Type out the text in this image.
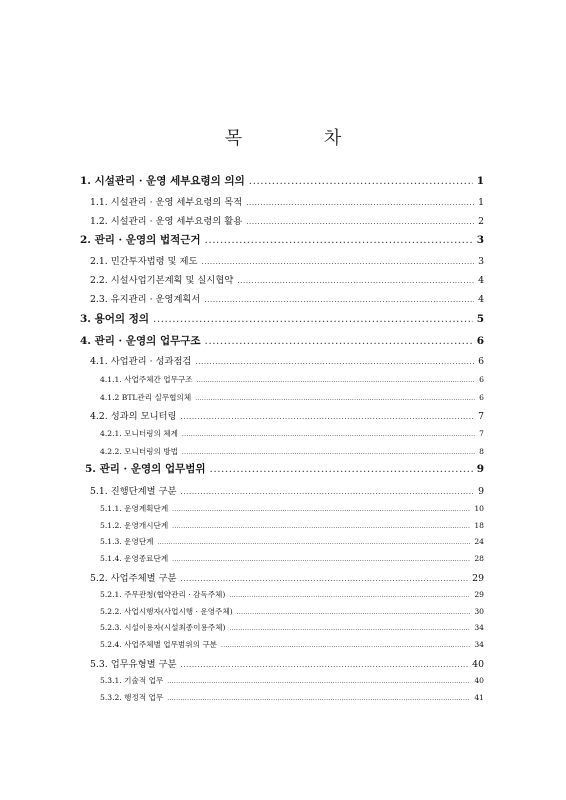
목 차
1. 시설관리 · 운영 세부요령의 의의 .....	1
1.1. 시설관리 · 운영 세부요령의 목적 .....	1
1.2. 시설관리 · 운영 세부요령의 활용 .....	2
2. 관리 · 운영의 법적근거 .....	3
2.1. 민간투자법령 및 제도 .....	3
2.2. 시설사업기본계획 및 실시협약 .....	4
2.3. 유지관리 · 운영계획서 .....	4
3. 용어의 정의 .....	5
4. 관리 · 운영의 업무구조 .....	6
4.1. 사업관리 · 성과점검 .....	6
4.1.1. 사업주체간 업무구조 .....	6
4.1.2 BTL관리 실무협의체 .....	6
4.2. 성과의 모니터링 .....	7
4.2.1. 모니터링의 체계 .....	7
4.2.2. 모니터링의 방법 .....	8
5. 관리 · 운영의 업무범위 .....	9
5.1. 진행단계별 구분 .....	9
5.1.1. 운영계획단계 .....	10
5.1.2. 운영개시단계 .....	18
5.1.3. 운영단계 .....	24
5.1.4. 운영종료단계 .....	28
5.2. 사업주체별 구분 .....	29
5.2.1. 주무관청(협약관리 · 감독주체) .....	29
5.2.2. 사업시행자(사업시행 · 운영주체) .....	30
5.2.3. 시설이용자(시설최종이용주체) .....	34
5.2.4. 사업주체별 업무범위의 구분 .....	34
5.3. 업무유형별 구분 .....	40
5.3.1. 기술적 업무 .....	40
5.3.2. 행정적 업무 .....	41
